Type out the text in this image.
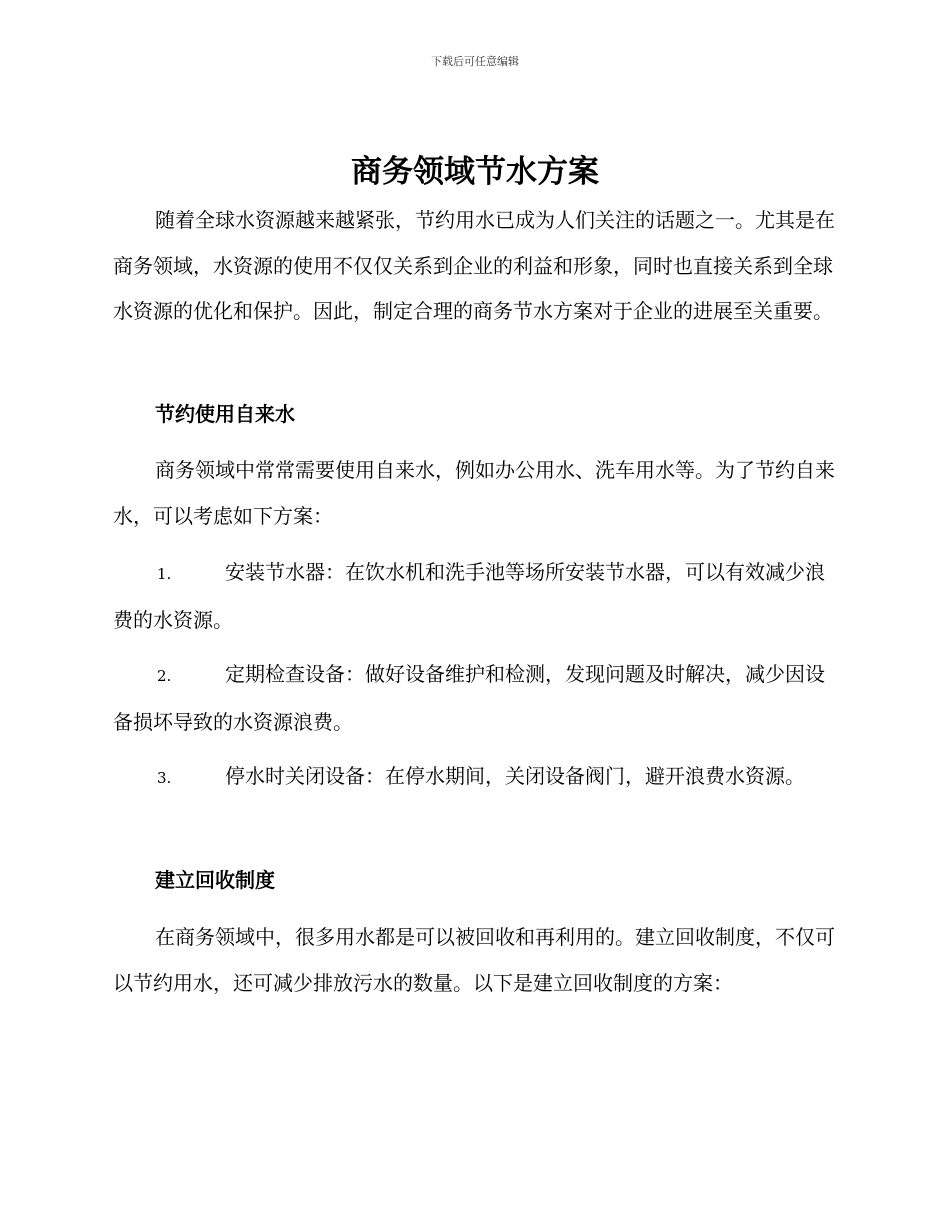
下载后可任意编辑
商务领域节水方案

随着全球水资源越来越紧张，节约用水已成为人们关注的话题之一。尤其是在商务领域，水资源的使用不仅仅关系到企业的利益和形象，同时也直接关系到全球水资源的优化和保护。因此，制定合理的商务节水方案对于企业的进展至关重要。

节约使用自来水

商务领域中常常需要使用自来水，例如办公用水、洗车用水等。为了节约自来水，可以考虑如下方案：

1.	安装节水器：在饮水机和洗手池等场所安装节水器，可以有效减少浪费的水资源。

2.	定期检查设备：做好设备维护和检测，发现问题及时解决，减少因设备损坏导致的水资源浪费。

3.	停水时关闭设备：在停水期间，关闭设备阀门，避开浪费水资源。

建立回收制度

在商务领域中，很多用水都是可以被回收和再利用的。建立回收制度，不仅可以节约用水，还可减少排放污水的数量。以下是建立回收制度的方案：
